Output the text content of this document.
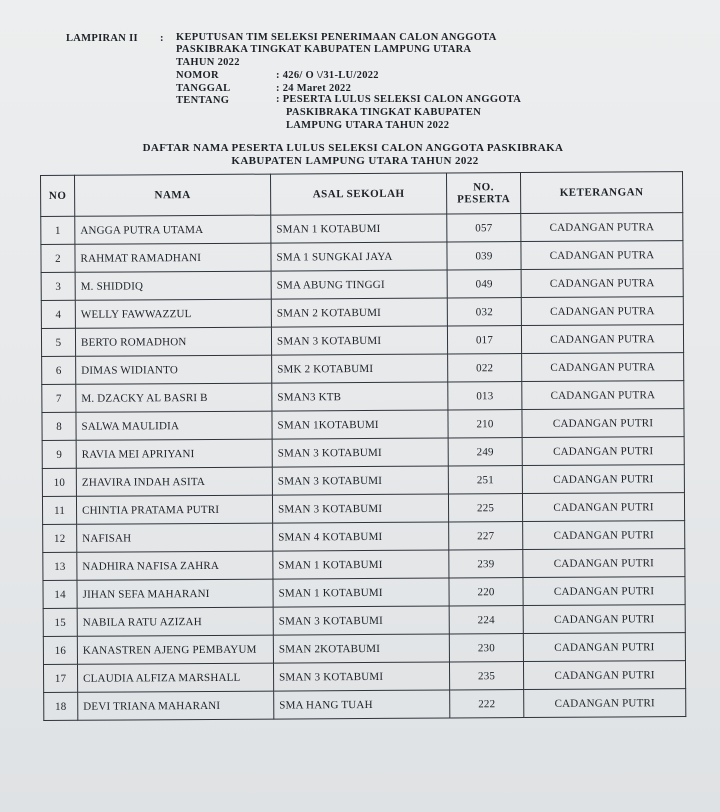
LAMPIRAN II : KEPUTUSAN TIM SELEKSI PENERIMAAN CALON ANGGOTA
PASKIBRAKA TINGKAT KABUPATEN LAMPUNG UTARA
TAHUN 2022
NOMOR	: 426/ O \/31-LU/2022
TANGGAL	: 24 Maret 2022
TENTANG	: PESERTA LULUS SELEKSI CALON ANGGOTA
PASKIBRAKA TINGKAT KABUPATEN
LAMPUNG UTARA TAHUN 2022
DAFTAR NAMA PESERTA LULUS SELEKSI CALON ANGGOTA PASKIBRAKA
KABUPATEN LAMPUNG UTARA TAHUN 2022
NO	NAMA	ASAL SEKOLAH	NO. PESERTA	KETERANGAN
1	ANGGA PUTRA UTAMA	SMAN 1 KOTABUMI	057	CADANGAN PUTRA
2	RAHMAT RAMADHANI	SMA 1 SUNGKAI JAYA	039	CADANGAN PUTRA
3	M. SHIDDIQ	SMA ABUNG TINGGI	049	CADANGAN PUTRA
4	WELLY FAWWAZZUL	SMAN 2 KOTABUMI	032	CADANGAN PUTRA
5	BERTO ROMADHON	SMAN 3 KOTABUMI	017	CADANGAN PUTRA
6	DIMAS WIDIANTO	SMK 2 KOTABUMI	022	CADANGAN PUTRA
7	M. DZACKY AL BASRI B	SMAN3 KTB	013	CADANGAN PUTRA
8	SALWA MAULIDIA	SMAN 1KOTABUMI	210	CADANGAN PUTRI
9	RAVIA MEI APRIYANI	SMAN 3 KOTABUMI	249	CADANGAN PUTRI
10	ZHAVIRA INDAH ASITA	SMAN 3 KOTABUMI	251	CADANGAN PUTRI
11	CHINTIA PRATAMA PUTRI	SMAN 3 KOTABUMI	225	CADANGAN PUTRI
12	NAFISAH	SMAN 4 KOTABUMI	227	CADANGAN PUTRI
13	NADHIRA NAFISA ZAHRA	SMAN 1 KOTABUMI	239	CADANGAN PUTRI
14	JIHAN SEFA MAHARANI	SMAN 1 KOTABUMI	220	CADANGAN PUTRI
15	NABILA RATU AZIZAH	SMAN 3 KOTABUMI	224	CADANGAN PUTRI
16	KANASTREN AJENG PEMBAYUM	SMAN 2KOTABUMI	230	CADANGAN PUTRI
17	CLAUDIA ALFIZA MARSHALL	SMAN 3 KOTABUMI	235	CADANGAN PUTRI
18	DEVI TRIANA MAHARANI	SMA HANG TUAH	222	CADANGAN PUTRI
